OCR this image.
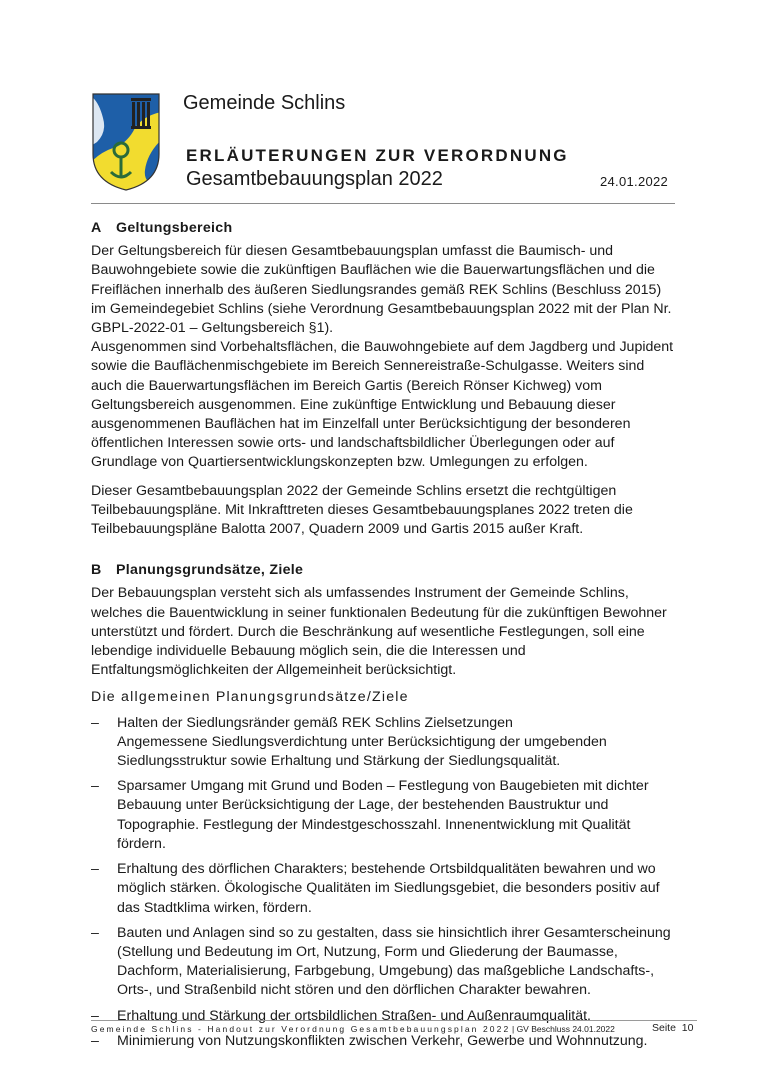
Gemeinde Schlins
ERLÄUTERUNGEN ZUR VERORDNUNG
Gesamtbebauungsplan 2022	24.01.2022
A Geltungsbereich

Der Geltungsbereich für diesen Gesamtbebauungsplan umfasst die Baumisch- und Bauwohngebiete sowie die zukünftigen Bauflächen wie die Bauerwartungsflächen und die Freiflächen innerhalb des äußeren Siedlungsrandes gemäß REK Schlins (Beschluss 2015) im Gemeindegebiet Schlins (siehe Verordnung Gesamtbebauungsplan 2022 mit der Plan Nr. GBPL-2022-01 – Geltungsbereich §1).

Ausgenommen sind Vorbehaltsflächen, die Bauwohngebiete auf dem Jagdberg und Jupident sowie die Bauflächenmischgebiete im Bereich Sennereistraße-Schulgasse. Weiters sind auch die Bauerwartungsflächen im Bereich Gartis (Bereich Rönser Kichweg) vom Geltungsbereich ausgenommen. Eine zukünftige Entwicklung und Bebauung dieser ausgenommenen Bauflächen hat im Einzelfall unter Berücksichtigung der besonderen öffentlichen Interessen sowie orts- und landschaftsbildlicher Überlegungen oder auf Grundlage von Quartiersentwicklungskonzepten bzw. Umlegungen zu erfolgen.

Dieser Gesamtbebauungsplan 2022 der Gemeinde Schlins ersetzt die rechtgültigen Teilbebauungspläne. Mit Inkrafttreten dieses Gesamtbebauungsplanes 2022 treten die Teilbebauungspläne Balotta 2007, Quadern 2009 und Gartis 2015 außer Kraft.

B Planungsgrundsätze, Ziele

Der Bebauungsplan versteht sich als umfassendes Instrument der Gemeinde Schlins, welches die Bauentwicklung in seiner funktionalen Bedeutung für die zukünftigen Bewohner unterstützt und fördert. Durch die Beschränkung auf wesentliche Festlegungen, soll eine lebendige individuelle Bebauung möglich sein, die die Interessen und Entfaltungsmöglichkeiten der Allgemeinheit berücksichtigt.

Die allgemeinen Planungsgrundsätze/Ziele
– Halten der Siedlungsränder gemäß REK Schlins Zielsetzungen
Angemessene Siedlungsverdichtung unter Berücksichtigung der umgebenden Siedlungsstruktur sowie Erhaltung und Stärkung der Siedlungsqualität.
– Sparsamer Umgang mit Grund und Boden – Festlegung von Baugebieten mit dichter Bebauung unter Berücksichtigung der Lage, der bestehenden Baustruktur und Topographie. Festlegung der Mindestgeschosszahl. Innenentwicklung mit Qualität fördern.
– Erhaltung des dörflichen Charakters; bestehende Ortsbildqualitäten bewahren und wo möglich stärken. Ökologische Qualitäten im Siedlungsgebiet, die besonders positiv auf das Stadtklima wirken, fördern.
– Bauten und Anlagen sind so zu gestalten, dass sie hinsichtlich ihrer Gesamterscheinung (Stellung und Bedeutung im Ort, Nutzung, Form und Gliederung der Baumasse, Dachform, Materialisierung, Farbgebung, Umgebung) das maßgebliche Landschafts-, Orts-, und Straßenbild nicht stören und den dörflichen Charakter bewahren.
– Erhaltung und Stärkung der ortsbildlichen Straßen- und Außenraumqualität.
– Minimierung von Nutzungskonflikten zwischen Verkehr, Gewerbe und Wohnnutzung.
Gemeinde Schlins - Handout zur Verordnung Gesamtbebauungsplan 2022 | GV Beschluss 24.01.2022	Seite 10
